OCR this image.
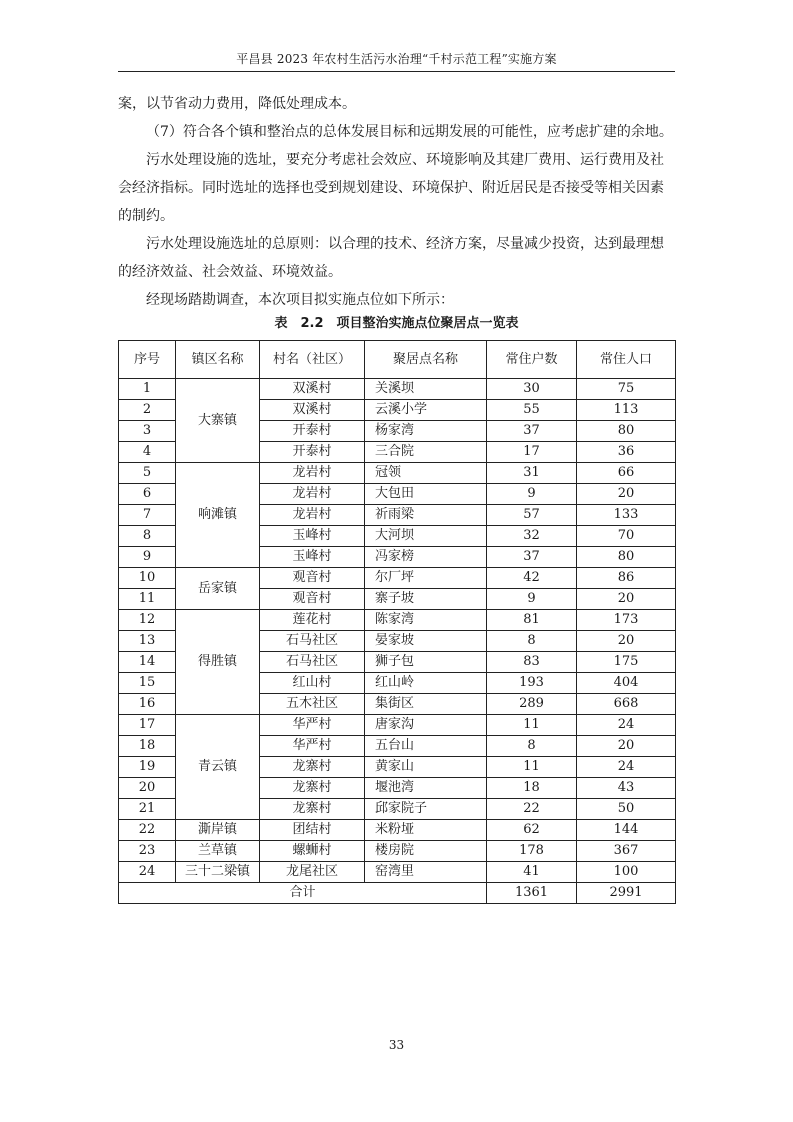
平昌县 2023 年农村生活污水治理“千村示范工程”实施方案

案，以节省动力费用，降低处理成本。

（7）符合各个镇和整治点的总体发展目标和远期发展的可能性，应考虑扩建的余地。

污水处理设施的选址，要充分考虑社会效应、环境影响及其建厂费用、运行费用及社会经济指标。同时选址的选择也受到规划建设、环境保护、附近居民是否接受等相关因素的制约。

污水处理设施选址的总原则：以合理的技术、经济方案，尽量减少投资，达到最理想的经济效益、社会效益、环境效益。

经现场踏勘调查，本次项目拟实施点位如下所示：

表　2.2　项目整治实施点位聚居点一览表
序号	镇区名称	村名（社区）	聚居点名称	常住户数	常住人口
1	大寨镇	双溪村	关溪坝	30	75
2		双溪村	云溪小学	55	113
3		开泰村	杨家湾	37	80
4		开泰村	三合院	17	36
5	响滩镇	龙岩村	冠领	31	66
6		龙岩村	大包田	9	20
7		龙岩村	祈雨梁	57	133
8		玉峰村	大河坝	32	70
9		玉峰村	冯家榜	37	80
10	岳家镇	观音村	尔厂坪	42	86
11		观音村	寨子坡	9	20
12	得胜镇	莲花村	陈家湾	81	173
13		石马社区	晏家坡	8	20
14		石马社区	狮子包	83	175
15		红山村	红山岭	193	404
16		五木社区	集街区	289	668
17	青云镇	华严村	唐家沟	11	24
18		华严村	五台山	8	20
19		龙寨村	黄家山	11	24
20		龙寨村	堰池湾	18	43
21		龙寨村	邱家院子	22	50
22	澌岸镇	团结村	米粉垭	62	144
23	兰草镇	螺蛳村	楼房院	178	367
24	三十二梁镇	龙尾社区	窑湾里	41	100
合计				1361	2991
33
